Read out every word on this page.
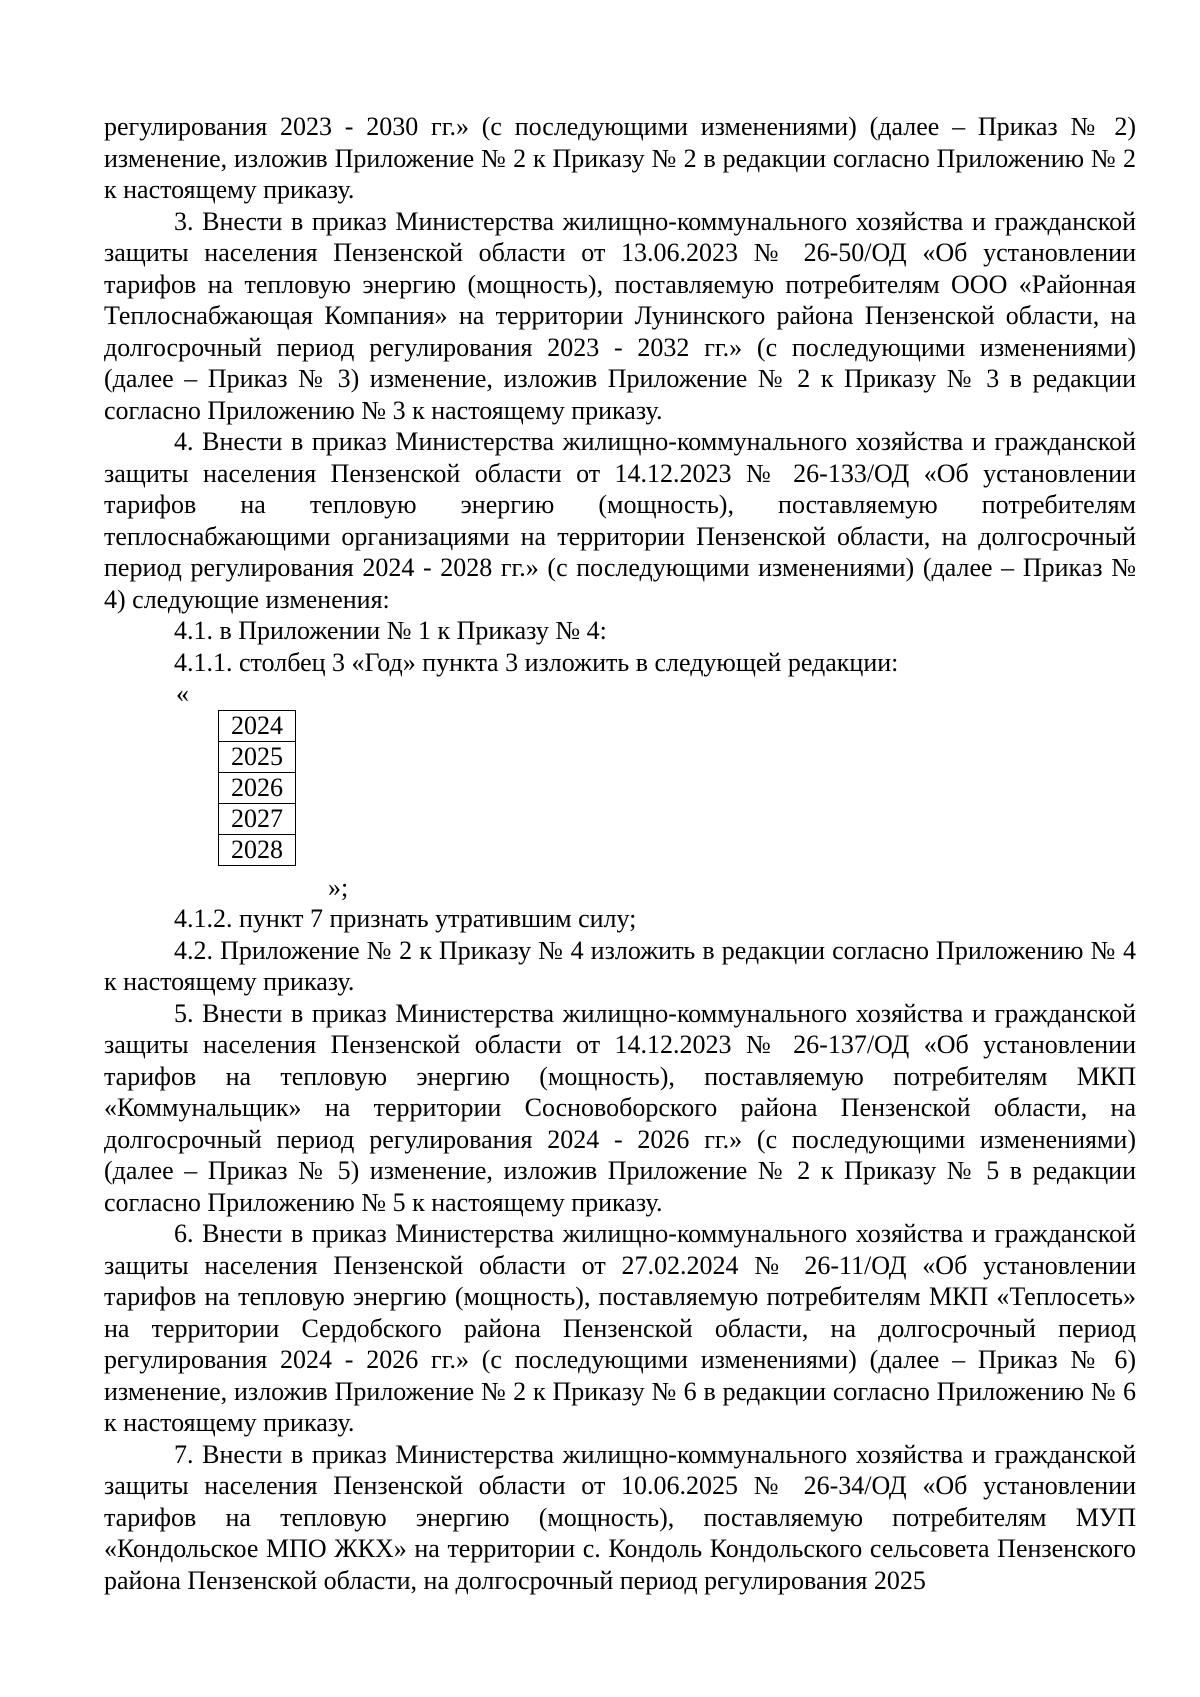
регулирования 2023 - 2030 гг.» (с последующими изменениями) (далее – Приказ № 2) изменение, изложив Приложение № 2 к Приказу № 2 в редакции согласно Приложению № 2 к настоящему приказу.

3. Внести в приказ Министерства жилищно-коммунального хозяйства и гражданской защиты населения Пензенской области от 13.06.2023 № 26-50/ОД «Об установлении тарифов на тепловую энергию (мощность), поставляемую потребителям ООО «Районная Теплоснабжающая Компания» на территории Лунинского района Пензенской области, на долгосрочный период регулирования 2023 - 2032 гг.» (с последующими изменениями) (далее – Приказ № 3) изменение, изложив Приложение № 2 к Приказу № 3 в редакции согласно Приложению № 3 к настоящему приказу.

4. Внести в приказ Министерства жилищно-коммунального хозяйства и гражданской защиты населения Пензенской области от 14.12.2023 № 26-133/ОД «Об установлении тарифов на тепловую энергию (мощность), поставляемую потребителям теплоснабжающими организациями на территории Пензенской области, на долгосрочный период регулирования 2024 - 2028 гг.» (с последующими изменениями) (далее – Приказ № 4) следующие изменения:

4.1. в Приложении № 1 к Приказу № 4:

4.1.1. столбец 3 «Год» пункта 3 изложить в следующей редакции:

«

2024
2025
2026
2027
2028

»;

4.1.2. пункт 7 признать утратившим силу;

4.2. Приложение № 2 к Приказу № 4 изложить в редакции согласно Приложению № 4 к настоящему приказу.

5. Внести в приказ Министерства жилищно-коммунального хозяйства и гражданской защиты населения Пензенской области от 14.12.2023 № 26-137/ОД «Об установлении тарифов на тепловую энергию (мощность), поставляемую потребителям МКП «Коммунальщик» на территории Сосновоборского района Пензенской области, на долгосрочный период регулирования 2024 - 2026 гг.» (с последующими изменениями) (далее – Приказ № 5) изменение, изложив Приложение № 2 к Приказу № 5 в редакции согласно Приложению № 5 к настоящему приказу.

6. Внести в приказ Министерства жилищно-коммунального хозяйства и гражданской защиты населения Пензенской области от 27.02.2024 № 26-11/ОД «Об установлении тарифов на тепловую энергию (мощность), поставляемую потребителям МКП «Теплосеть» на территории Сердобского района Пензенской области, на долгосрочный период регулирования 2024 - 2026 гг.» (с последующими изменениями) (далее – Приказ № 6) изменение, изложив Приложение № 2 к Приказу № 6 в редакции согласно Приложению № 6 к настоящему приказу.

7. Внести в приказ Министерства жилищно-коммунального хозяйства и гражданской защиты населения Пензенской области от 10.06.2025 № 26-34/ОД «Об установлении тарифов на тепловую энергию (мощность), поставляемую потребителям МУП «Кондольское МПО ЖКХ» на территории с. Кондоль Кондольского сельсовета Пензенского района Пензенской области, на долгосрочный период регулирования 2025
